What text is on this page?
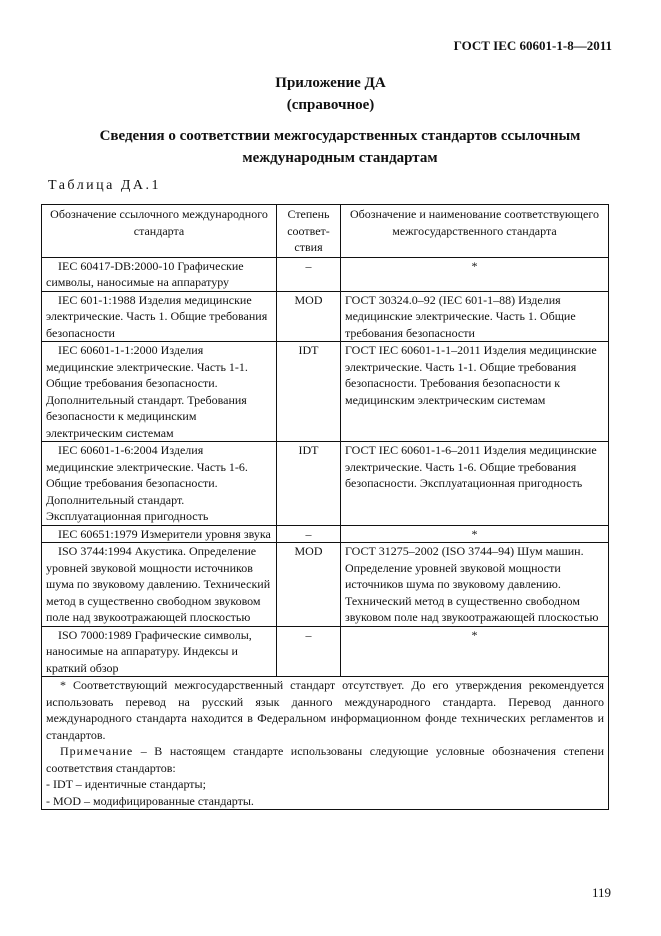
ГОСТ IEC 60601-1-8—2011
Приложение ДА
(справочное)
Сведения о соответствии межгосударственных стандартов ссылочным международным стандартам
Таблица ДА.1
Обозначение ссылочного международного стандарта	Степень соответ-ствия	Обозначение и наименование соответствующего межгосударственного стандарта
IEC 60417-DB:2000-10 Графические символы, наносимые на аппаратуру	–	*
IEC 601-1:1988 Изделия медицинские электрические. Часть 1. Общие требования безопасности	MOD	ГОСТ 30324.0–92 (IEC 601-1–88) Изделия медицинские электрические. Часть 1. Общие требования безопасности
IEC 60601-1-1:2000 Изделия медицинские электрические. Часть 1-1. Общие требования безопасности. Дополнительный стандарт. Требования безопасности к медицинским электрическим системам	IDT	ГОСТ IEC 60601-1-1–2011 Изделия медицинские электрические. Часть 1-1. Общие требования безопасности. Требования безопасности к медицинским электрическим системам
IEC 60601-1-6:2004 Изделия медицинские электрические. Часть 1-6. Общие требования безопасности. Дополнительный стандарт. Эксплуатационная пригодность	IDT	ГОСТ IEC 60601-1-6–2011 Изделия медицинские электрические. Часть 1-6. Общие требования безопасности. Эксплуатационная пригодность
IEC 60651:1979 Измерители уровня звука	–	*
ISO 3744:1994 Акустика. Определение уровней звуковой мощности источников шума по звуковому давлению. Технический метод в существенно свободном звуковом поле над звукоотражающей плоскостью	MOD	ГОСТ 31275–2002 (ISO 3744–94) Шум машин. Определение уровней звуковой мощности источников шума по звуковому давлению. Технический метод в существенно свободном звуковом поле над звукоотражающей плоскостью
ISO 7000:1989 Графические символы, наносимые на аппаратуру. Индексы и краткий обзор	–	*

* Соответствующий межгосударственный стандарт отсутствует. До его утверждения рекомендуется использовать перевод на русский язык данного международного стандарта. Перевод данного международного стандарта находится в Федеральном информационном фонде технических регламентов и стандартов.
Примечание – В настоящем стандарте использованы следующие условные обозначения степени соответствия стандартов:
- IDT – идентичные стандарты;
- MOD – модифицированные стандарты.		
119
